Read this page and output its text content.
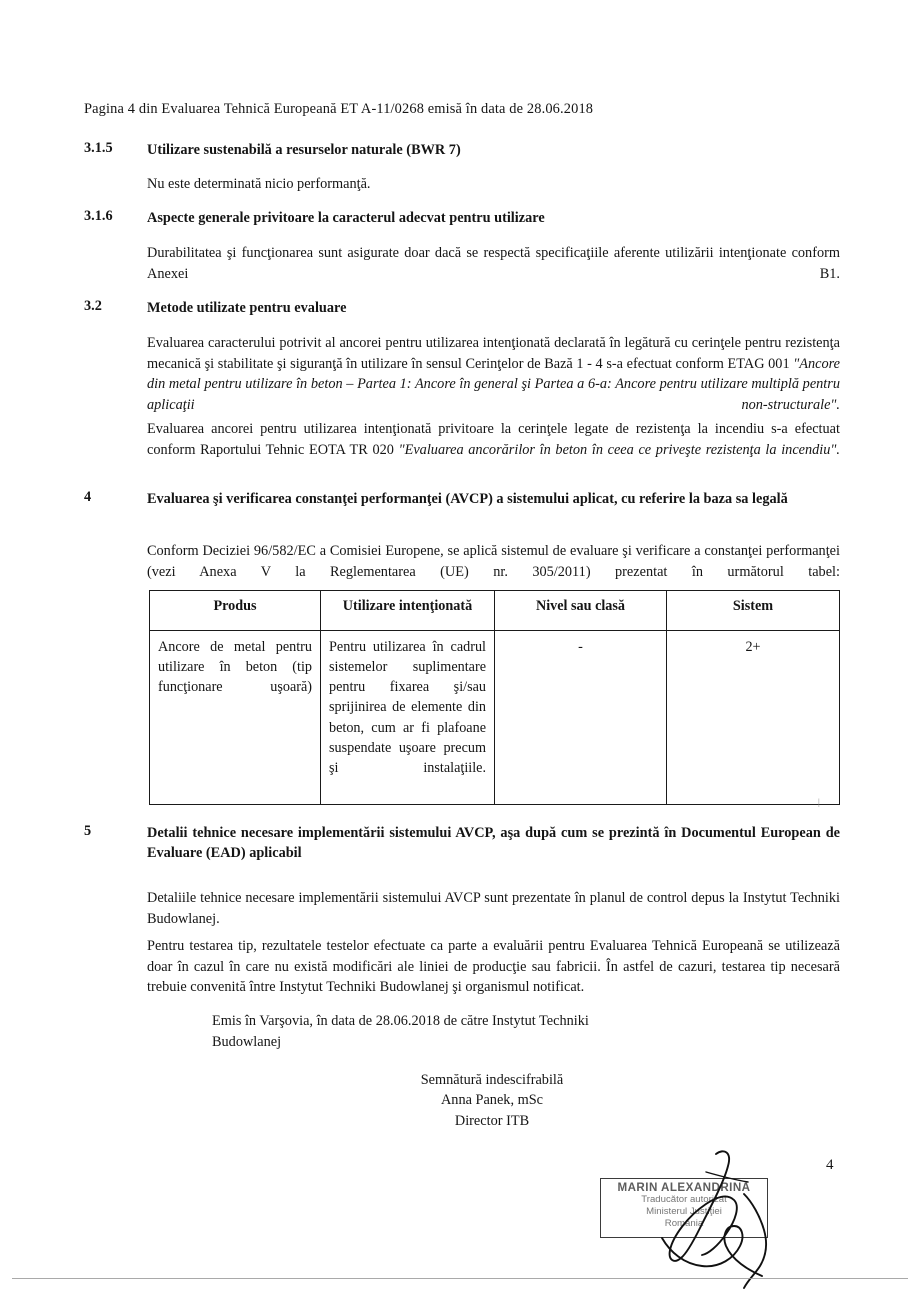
Pagina 4 din Evaluarea Tehnică Europeană ET A-11/0268 emisă în data de 28.06.2018
3.1.5 Utilizare sustenabilă a resurselor naturale (BWR 7)
Nu este determinată nicio performanţă.
3.1.6 Aspecte generale privitoare la caracterul adecvat pentru utilizare
Durabilitatea şi funcţionarea sunt asigurate doar dacă se respectă specificaţiile aferente utilizării intenţionate conform Anexei B1.
3.2	Metode utilizate pentru evaluare
Evaluarea caracterului potrivit al ancorei pentru utilizarea intenţionată declarată în legătură cu cerinţele pentru rezistenţa mecanică şi stabilitate şi siguranţă în utilizare în sensul Cerinţelor de Bază 1 - 4 s-a efectuat conform ETAG 001 "Ancore din metal pentru utilizare în beton – Partea 1: Ancore în general şi Partea a 6-a: Ancore pentru utilizare multiplă pentru aplicaţii non-structurale".
Evaluarea ancorei pentru utilizarea intenţionată privitoare la cerinţele legate de rezistenţa la incendiu s-a efectuat conform Raportului Tehnic EOTA TR 020 "Evaluarea ancorărilor în beton în ceea ce priveşte rezistenţa la incendiu".
4	Evaluarea şi verificarea constanţei performanţei (AVCP) a sistemului aplicat, cu referire la baza sa legală
Conform Deciziei 96/582/EC a Comisiei Europene, se aplică sistemul de evaluare şi verificare a constanţei performanţei (vezi Anexa V la Reglementarea (UE) nr. 305/2011) prezentat în următorul tabel:
Produs	Utilizare intenţionată	Nivel sau clasă	Sistem
Ancore de metal pentru utilizare în beton (tip funcţionare uşoară)	Pentru utilizarea în cadrul sistemelor suplimentare pentru fixarea şi/sau sprijinirea de elemente din beton, cum ar fi plafoane suspendate uşoare precum şi instalaţiile.	-	2+
|
5	Detalii tehnice necesare implementării sistemului AVCP, aşa după cum se prezintă în Documentul European de Evaluare (EAD) aplicabil
Detaliile tehnice necesare implementării sistemului AVCP sunt prezentate în planul de control depus la Instytut Techniki Budowlanej.
Pentru testarea tip, rezultatele testelor efectuate ca parte a evaluării pentru Evaluarea Tehnică Europeană se utilizează doar în cazul în care nu există modificări ale liniei de producţie sau fabricii. În astfel de cazuri, testarea tip necesară trebuie convenită între Instytut Techniki Budowlanej şi organismul notificat.
Emis în Varşovia, în data de 28.06.2018 de către Instytut Techniki Budowlanej
Semnătură indescifrabilă
Anna Panek, mSc
Director ITB
MARIN ALEXANDRINA
Traducător autorizat
Ministerul Justiţiei
România
4
